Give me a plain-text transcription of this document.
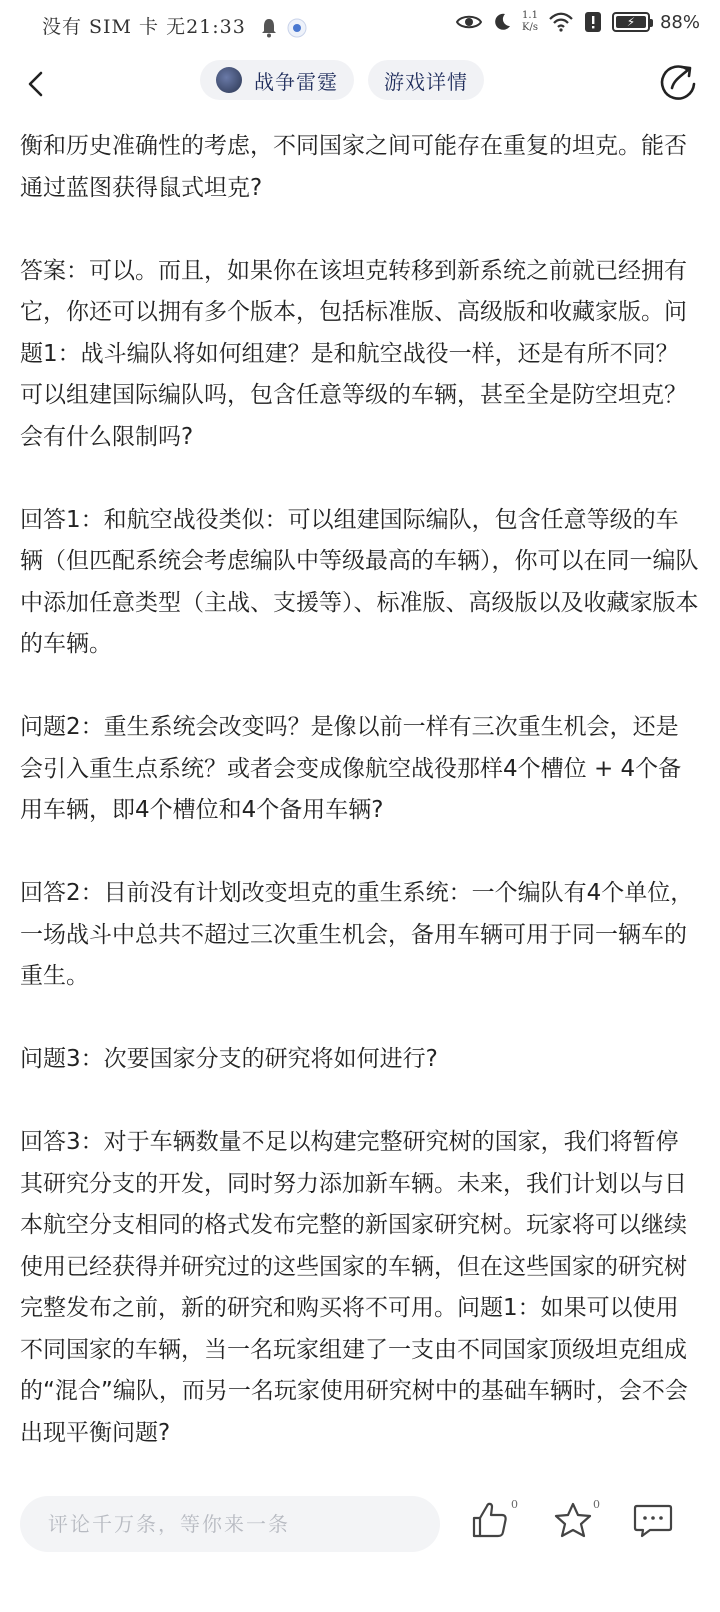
没有 SIM 卡 无21:33
1.1
K/s	⚡ 88%
战争雷霆 游戏详情

衡和历史准确性的考虑，不同国家之间可能存在重复的坦克。能否通过蓝图获得鼠式坦克?

答案：可以。而且，如果你在该坦克转移到新系统之前就已经拥有它，你还可以拥有多个版本，包括标准版、高级版和收藏家版。问题1：战斗编队将如何组建？是和航空战役一样，还是有所不同？可以组建国际编队吗，包含任意等级的车辆，甚至全是防空坦克？会有什么限制吗?

回答1：和航空战役类似：可以组建国际编队，包含任意等级的车辆（但匹配系统会考虑编队中等级最高的车辆），你可以在同一编队中添加任意类型（主战、支援等）、标准版、高级版以及收藏家版本的车辆。

问题2：重生系统会改变吗？是像以前一样有三次重生机会，还是会引入重生点系统？或者会变成像航空战役那样4个槽位 + 4个备用车辆，即4个槽位和4个备用车辆?

回答2：目前没有计划改变坦克的重生系统：一个编队有4个单位，一场战斗中总共不超过三次重生机会，备用车辆可用于同一辆车的重生。

问题3：次要国家分支的研究将如何进行?

回答3：对于车辆数量不足以构建完整研究树的国家，我们将暂停其研究分支的开发，同时努力添加新车辆。未来，我们计划以与日本航空分支相同的格式发布完整的新国家研究树。玩家将可以继续使用已经获得并研究过的这些国家的车辆，但在这些国家的研究树完整发布之前，新的研究和购买将不可用。问题1：如果可以使用不同国家的车辆，当一名玩家组建了一支由不同国家顶级坦克组成的“混合”编队，而另一名玩家使用研究树中的基础车辆时，会不会出现平衡问题?

评论千万条，等你来一条
0	0
